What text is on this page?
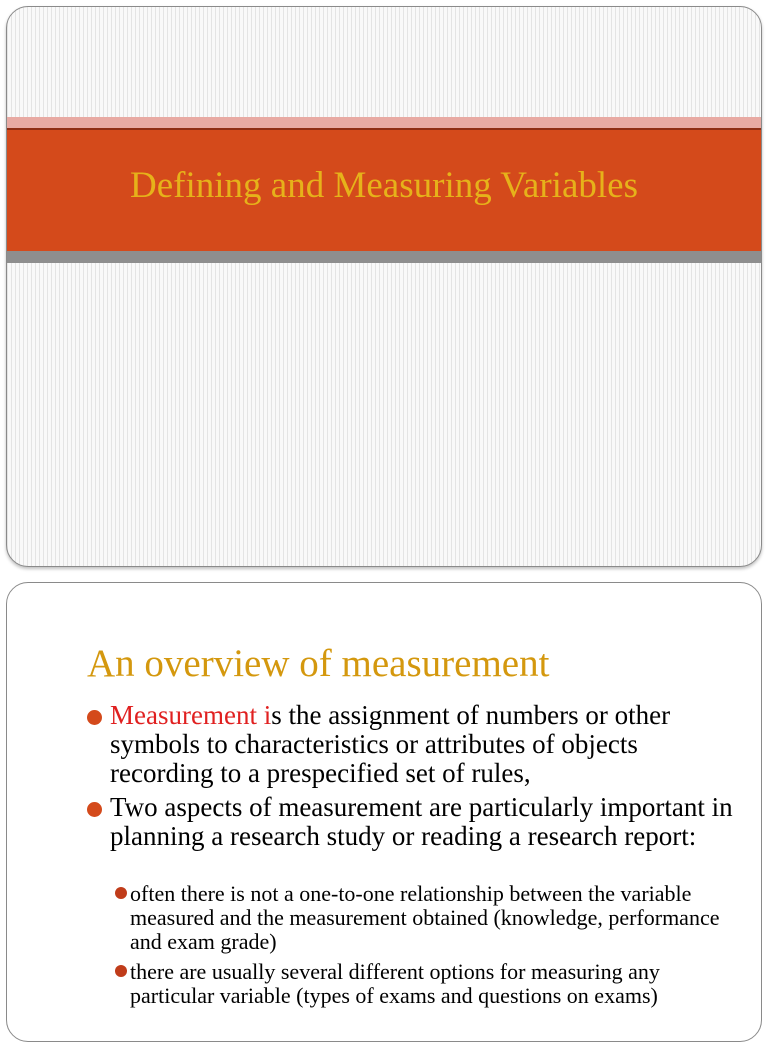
Defining and Measuring Variables
An overview of measurement
Measurement is the assignment of numbers or other symbols to characteristics or attributes of objects recording to a prespecified set of rules,
Two aspects of measurement are particularly important in planning a research study or reading a research report:
often there is not a one-to-one relationship between the variable measured and the measurement obtained (knowledge, performance and exam grade)
there are usually several different options for measuring any particular variable (types of exams and questions on exams)
